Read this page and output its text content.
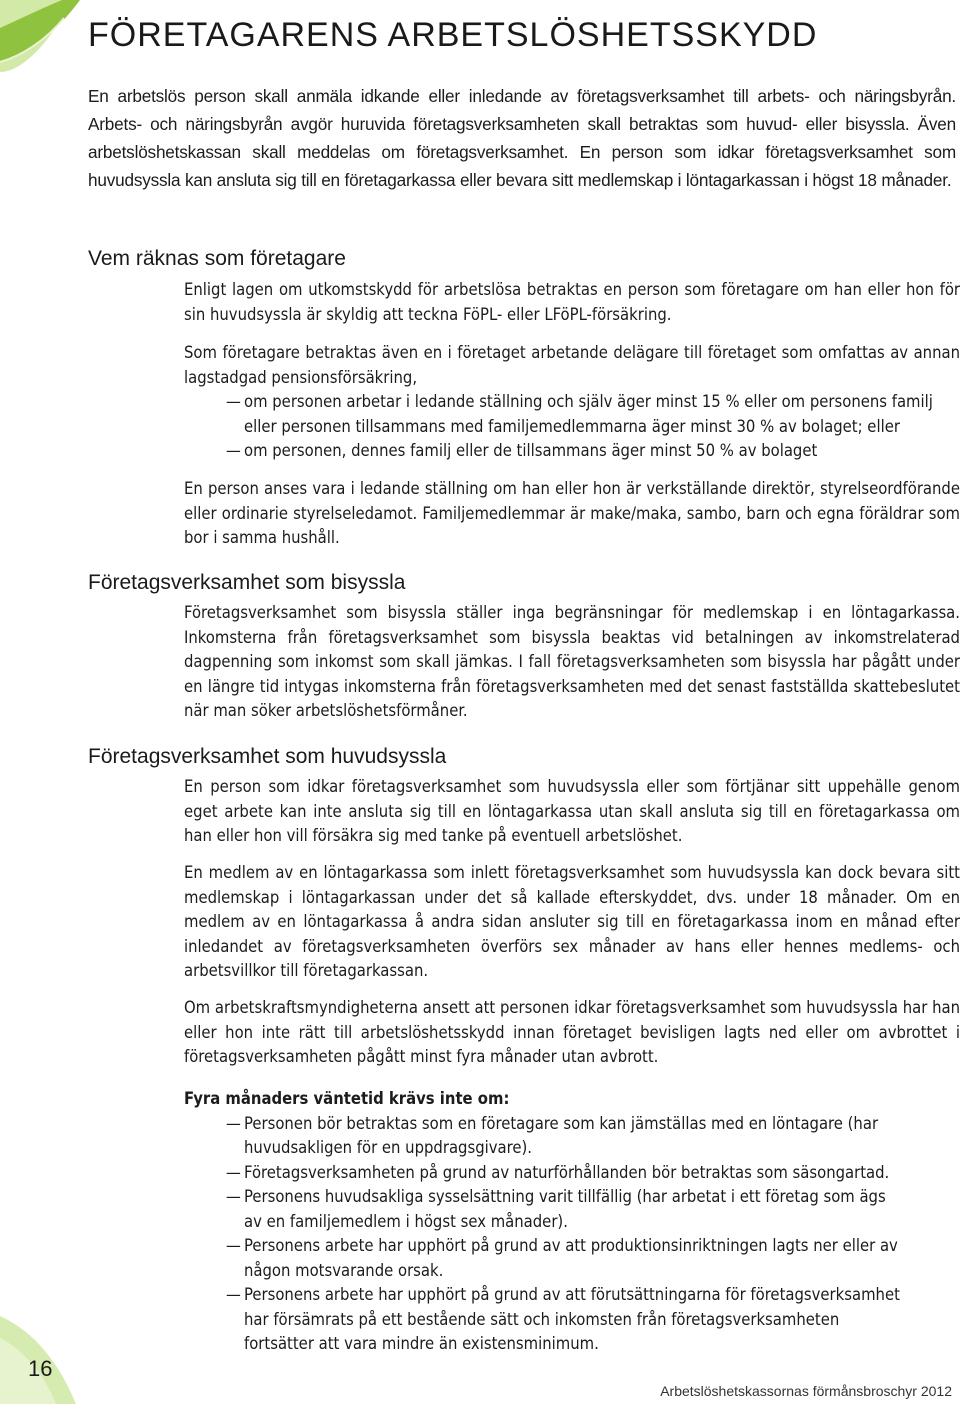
FÖRETAGARENS ARBETSLÖSHETSSKYDD

En arbetslös person skall anmäla idkande eller inledande av företagsverksamhet till arbets- och näringsbyrån. Arbets- och näringsbyrån avgör huruvida företagsverksamheten skall betraktas som huvud- eller bisyssla. Även arbetslöshetskassan skall meddelas om företagsverksamhet. En person som idkar företagsverksamhet som huvudsyssla kan ansluta sig till en företagarkassa eller bevara sitt medlemskap i löntagarkassan i högst 18 månader.

Vem räknas som företagare

Enligt lagen om utkomstskydd för arbetslösa betraktas en person som företagare om han eller hon för sin huvudsyssla är skyldig att teckna FöPL- eller LFöPL-försäkring.

Som företagare betraktas även en i företaget arbetande delägare till företaget som omfattas av annan lagstadgad pensionsförsäkring,

— om personen arbetar i ledande ställning och själv äger minst 15 % eller om personens familj eller personen tillsammans med familjemedlemmarna äger minst 30 % av bolaget; eller
— om personen, dennes familj eller de tillsammans äger minst 50 % av bolaget

En person anses vara i ledande ställning om han eller hon är verkställande direktör, styrelseordförande eller ordinarie styrelseledamot. Familjemedlemmar är make/maka, sambo, barn och egna föräldrar som bor i samma hushåll.

Företagsverksamhet som bisyssla

Företagsverksamhet som bisyssla ställer inga begränsningar för medlemskap i en löntagarkassa. Inkomsterna från företagsverksamhet som bisyssla beaktas vid betalningen av inkomstrelaterad dagpenning som inkomst som skall jämkas. I fall företagsverksamheten som bisyssla har pågått under en längre tid intygas inkomsterna från företagsverksamheten med det senast fastställda skattebeslutet när man söker arbetslöshetsförmåner.

Företagsverksamhet som huvudsyssla

En person som idkar företagsverksamhet som huvudsyssla eller som förtjänar sitt uppehälle genom eget arbete kan inte ansluta sig till en löntagarkassa utan skall ansluta sig till en företagarkassa om han eller hon vill försäkra sig med tanke på eventuell arbetslöshet.

En medlem av en löntagarkassa som inlett företagsverksamhet som huvudsyssla kan dock bevara sitt medlemskap i löntagarkassan under det så kallade efterskyddet, dvs. under 18 månader. Om en medlem av en löntagarkassa å andra sidan ansluter sig till en företagarkassa inom en månad efter inledandet av företagsverksamheten överförs sex månader av hans eller hennes medlems- och arbetsvillkor till företagarkassan.

Om arbetskraftsmyndigheterna ansett att personen idkar företagsverksamhet som huvudsyssla har han eller hon inte rätt till arbetslöshetsskydd innan företaget bevisligen lagts ned eller om avbrottet i företagsverksamheten pågått minst fyra månader utan avbrott.

Fyra månaders väntetid krävs inte om:

— Personen bör betraktas som en företagare som kan jämställas med en löntagare (har huvudsakligen för en uppdragsgivare).
— Företagsverksamheten på grund av naturförhållanden bör betraktas som säsongartad.
— Personens huvudsakliga sysselsättning varit tillfällig (har arbetat i ett företag som ägs av en familjemedlem i högst sex månader).
— Personens arbete har upphört på grund av att produktionsinriktningen lagts ner eller av någon motsvarande orsak.
— Personens arbete har upphört på grund av att förutsättningarna för företagsverksamhet har försämrats på ett bestående sätt och inkomsten från företagsverksamheten fortsätter att vara mindre än existensminimum.

16

Arbetslöshetskassornas förmånsbroschyr 2012
